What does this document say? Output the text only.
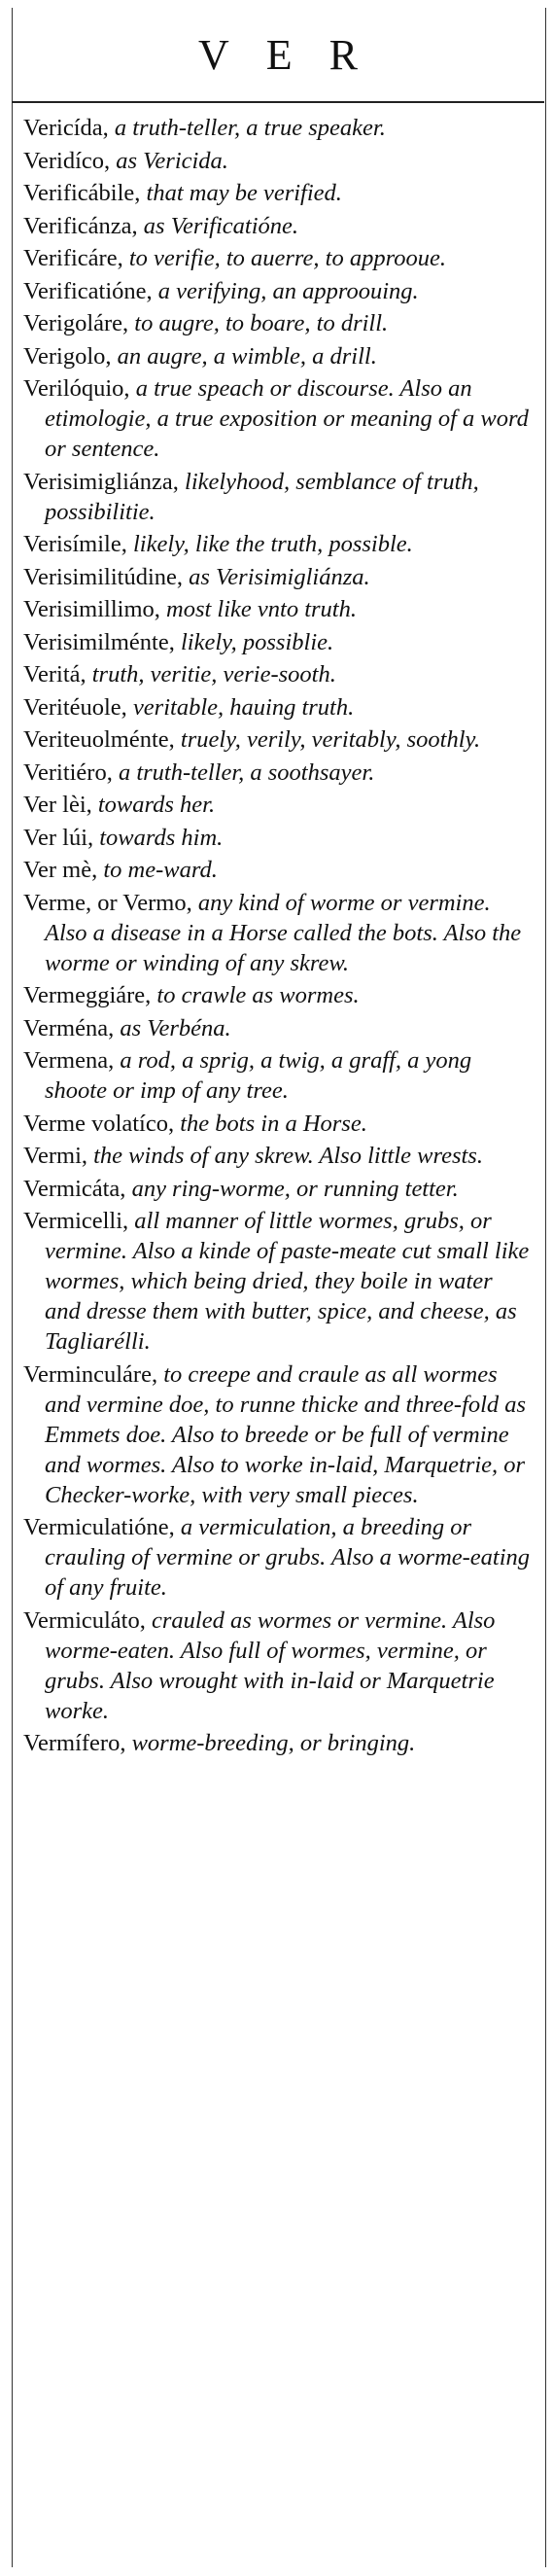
VER

Vericída, a truth-teller, a true speaker.

Veridíco, as Vericida.

Verificábile, that may be verified.

Verificánza, as Verificatióne.

Verificáre, to verifie, to auerre, to approoue.

Verificatióne, a verifying, an approouing.

Verigoláre, to augre, to boare, to drill.

Verigolo, an augre, a wimble, a drill.

Verilóquio, a true speach or discourse. Also an etimologie, a true exposition or meaning of a word or sentence.

Verisimigliánza, likelyhood, semblance of truth, possibilitie.

Verisímile, likely, like the truth, possible.

Verisimilitúdine, as Verisimigliánza.

Verisimillimo, most like vnto truth.

Verisimilménte, likely, possiblie.

Veritá, truth, veritie, verie-sooth.

Veritéuole, veritable, hauing truth.

Veriteuolménte, truely, verily, veritably, soothly.

Veritiéro, a truth-teller, a soothsayer.

Ver lèi, towards her.

Ver lúi, towards him.

Ver mè, to me-ward.

Verme, or Vermo, any kind of worme or vermine. Also a disease in a Horse called the bots. Also the worme or winding of any skrew.

Vermeggiáre, to crawle as wormes.

Verména, as Verbéna.

Vermena, a rod, a sprig, a twig, a graff, a yong shoote or imp of any tree.

Verme volatíco, the bots in a Horse.

Vermi, the winds of any skrew. Also little wrests.

Vermicáta, any ring-worme, or running tetter.

Vermicelli, all manner of little wormes, grubs, or vermine. Also a kinde of paste-meate cut small like wormes, which being dried, they boile in water and dresse them with butter, spice, and cheese, as Tagliarélli.

Verminculáre, to creepe and craule as all wormes and vermine doe, to runne thicke and three-fold as Emmets doe. Also to breede or be full of vermine and wormes. Also to worke in-laid, Marquetrie, or Checker-worke, with very small pieces.

Vermiculatióne, a vermiculation, a breeding or crauling of vermine or grubs. Also a worme-eating of any fruite.

Vermiculáto, crauled as wormes or vermine. Also worme-eaten. Also full of wormes, vermine, or grubs. Also wrought with in-laid or Marquetrie worke.

Vermífero, worme-breeding, or bringing.
